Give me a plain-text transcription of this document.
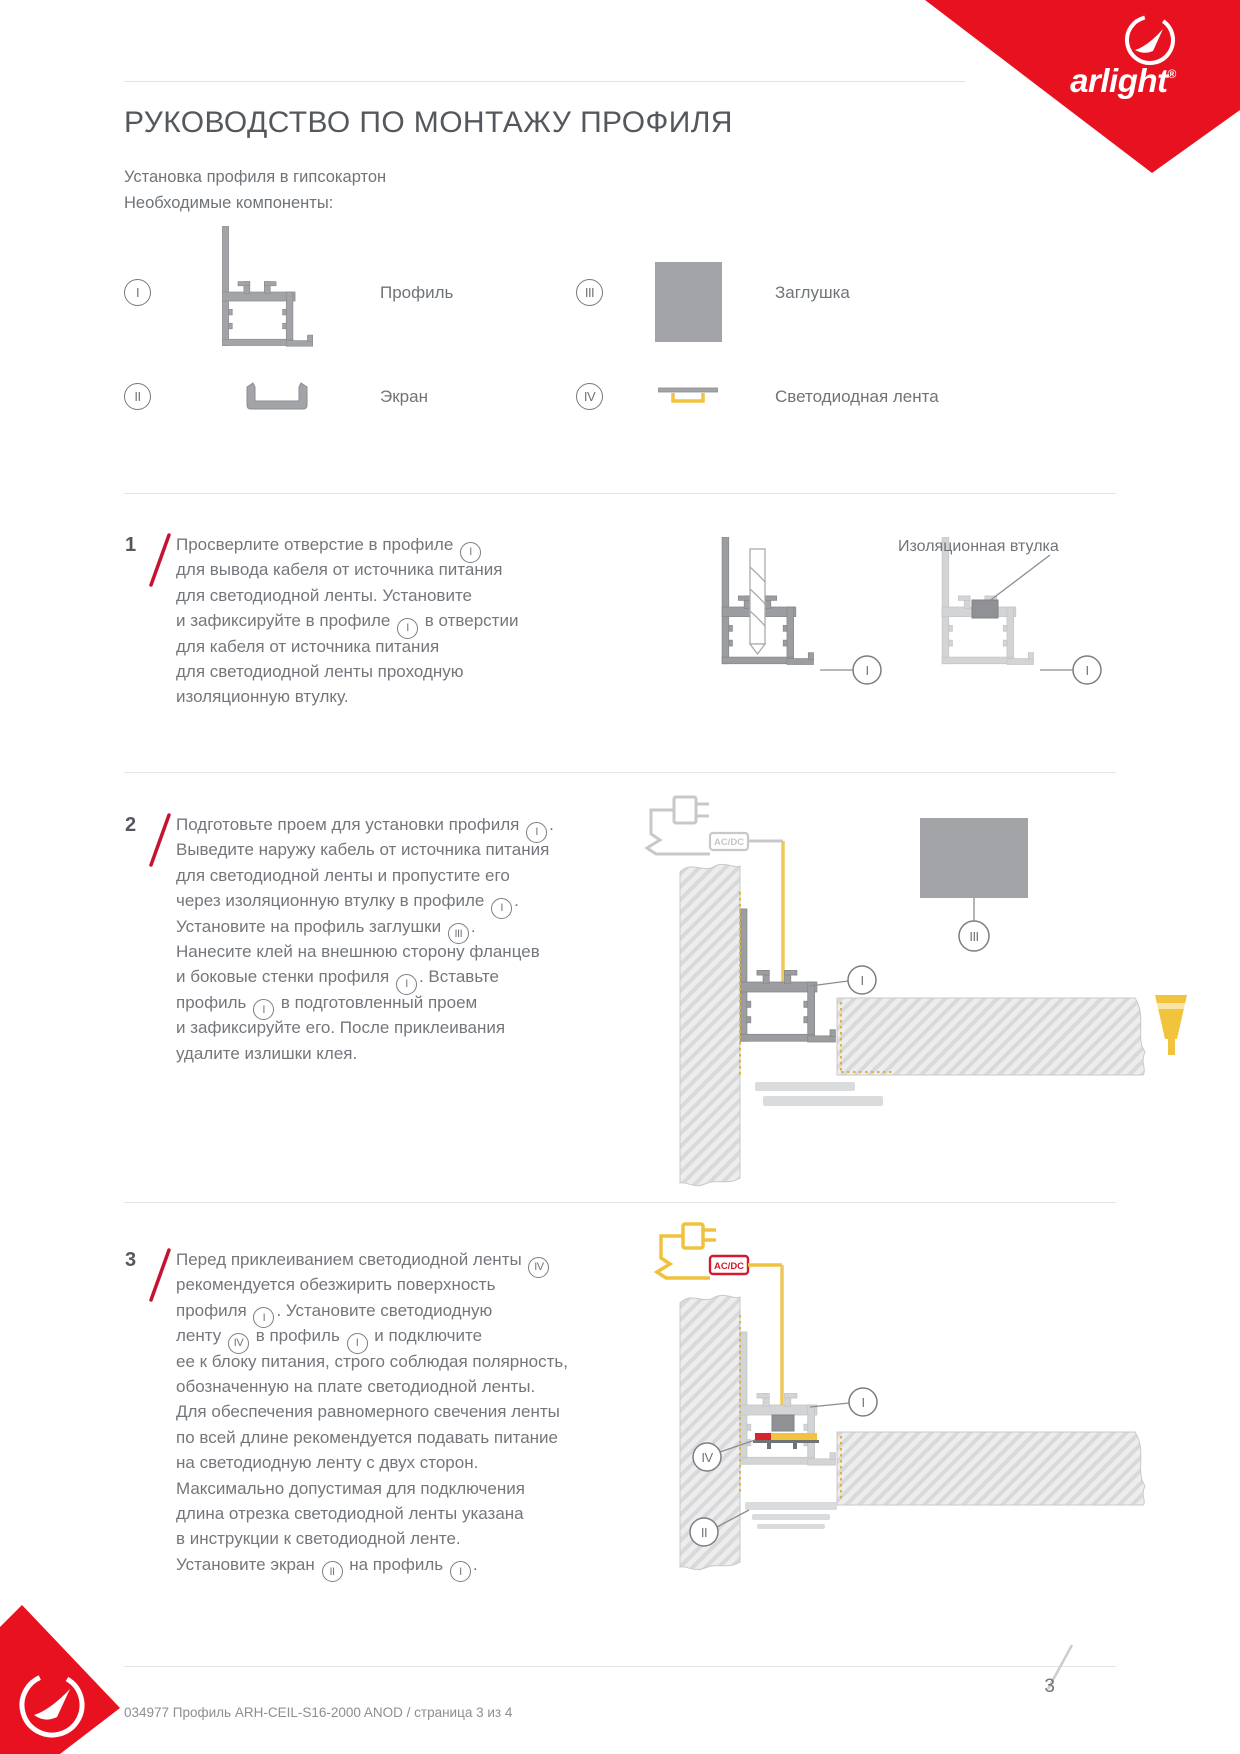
arlight®
РУКОВОДСТВО ПО МОНТАЖУ ПРОФИЛЯ
Установка профиля в гипсокартон
Необходимые компоненты:
I	Профиль	III	Заглушка
II	Экран	IV	Светодиодная лента
1 Просверлите отверстие в профиле I
для вывода кабеля от источника питания
для светодиодной ленты. Установите
и зафиксируйте в профиле I в отверстии
для кабеля от источника питания
для светодиодной ленты проходную
изоляционную втулку.
I	I
Изоляционная втулка
2 Подготовьте проем для установки профиля I .
Выведите наружу кабель от источника питания
для светодиодной ленты и пропустите его
через изоляционную втулку в профиле I .
Установите на профиль заглушки III .
Нанесите клей на внешнюю сторону фланцев
и боковые стенки профиля I . Вставьте
профиль I в подготовленный проем
и зафиксируйте его. После приклеивания
удалите излишки клея.
AC/DC
I
III
3 Перед приклеиванием светодиодной ленты IV
рекомендуется обезжирить поверхность
профиля I . Установите светодиодную
ленту IV в профиль I и подключите
ее к блоку питания, строго соблюдая полярность,
обозначенную на плате светодиодной ленты.
Для обеспечения равномерного свечения ленты
по всей длине рекомендуется подавать питание
на светодиодную ленту с двух сторон.
Максимально допустимая для подключения
длина отрезка светодиодной ленты указана
в инструкции к светодиодной ленте.
Установите экран II на профиль I .
AC/DC
I
IV
II
034977 Профиль ARH-CEIL-S16-2000 ANOD / страница 3 из 4
3
